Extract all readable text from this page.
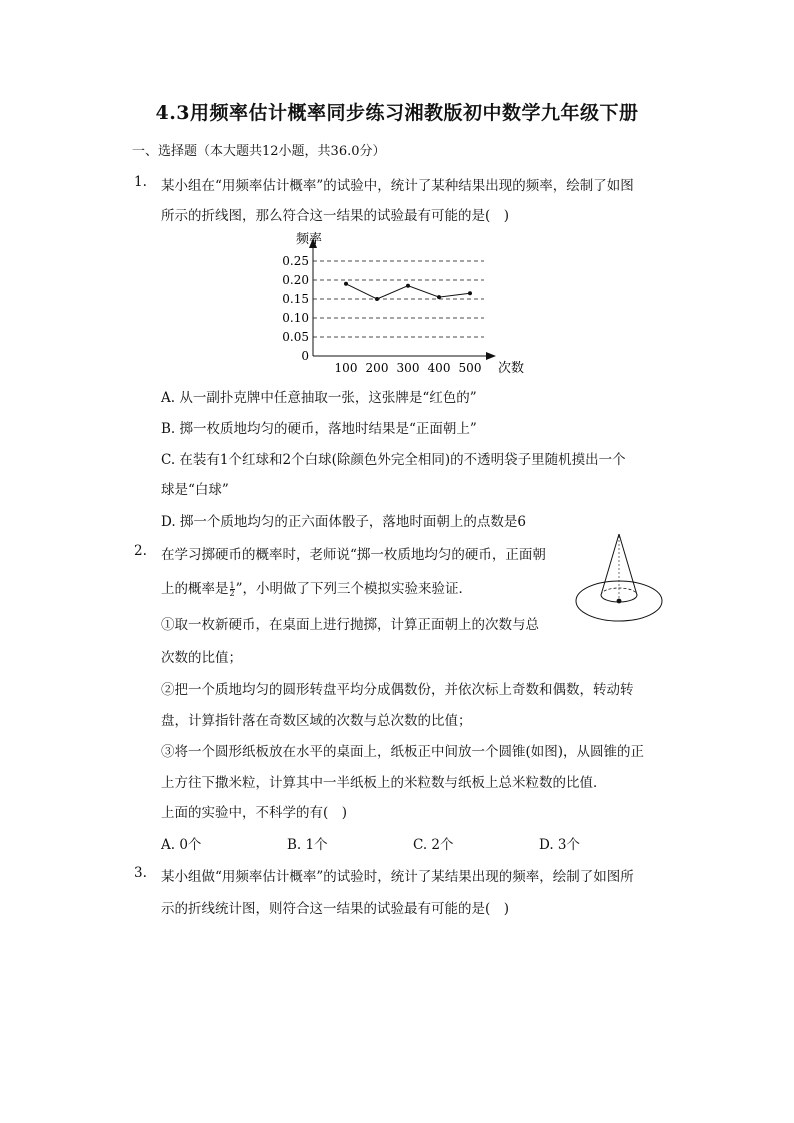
4.3用频率估计概率同步练习湘教版初中数学九年级下册
一、选择题（本大题共12小题，共36.0分）
1. 某小组在“用频率估计概率”的试验中，统计了某种结果出现的频率，绘制了如图
所示的折线图，那么符合这一结果的试验最有可能的是(　)
频率
次数
0
0.05
0.10
0.15
0.20
0.25
100 200 300 400 500
A. 从一副扑克牌中任意抽取一张，这张牌是“红色的”
B. 掷一枚质地均匀的硬币，落地时结果是“正面朝上”
C. 在装有1个红球和2个白球(除颜色外完全相同)的不透明袋子里随机摸出一个
球是“白球”
D. 掷一个质地均匀的正六面体骰子，落地时面朝上的点数是6
2. 在学习掷硬币的概率时，老师说“掷一枚质地均匀的硬币，正面朝
上的概率是 $\frac{1}{2}$ ”，小明做了下列三个模拟实验来验证．
①取一枚新硬币，在桌面上进行抛掷，计算正面朝上的次数与总
次数的比值；
②把一个质地均匀的圆形转盘平均分成偶数份，并依次标上奇数和偶数，转动转
盘，计算指针落在奇数区域的次数与总次数的比值；
③将一个圆形纸板放在水平的桌面上，纸板正中间放一个圆锥(如图)，从圆锥的正
上方往下撒米粒，计算其中一半纸板上的米粒数与纸板上总米粒数的比值．
上面的实验中，不科学的有(　)
A. 0个	B. 1个	C. 2个	D. 3个
3. 某小组做“用频率估计概率”的试验时，统计了某结果出现的频率，绘制了如图所
示的折线统计图，则符合这一结果的试验最有可能的是(　)
